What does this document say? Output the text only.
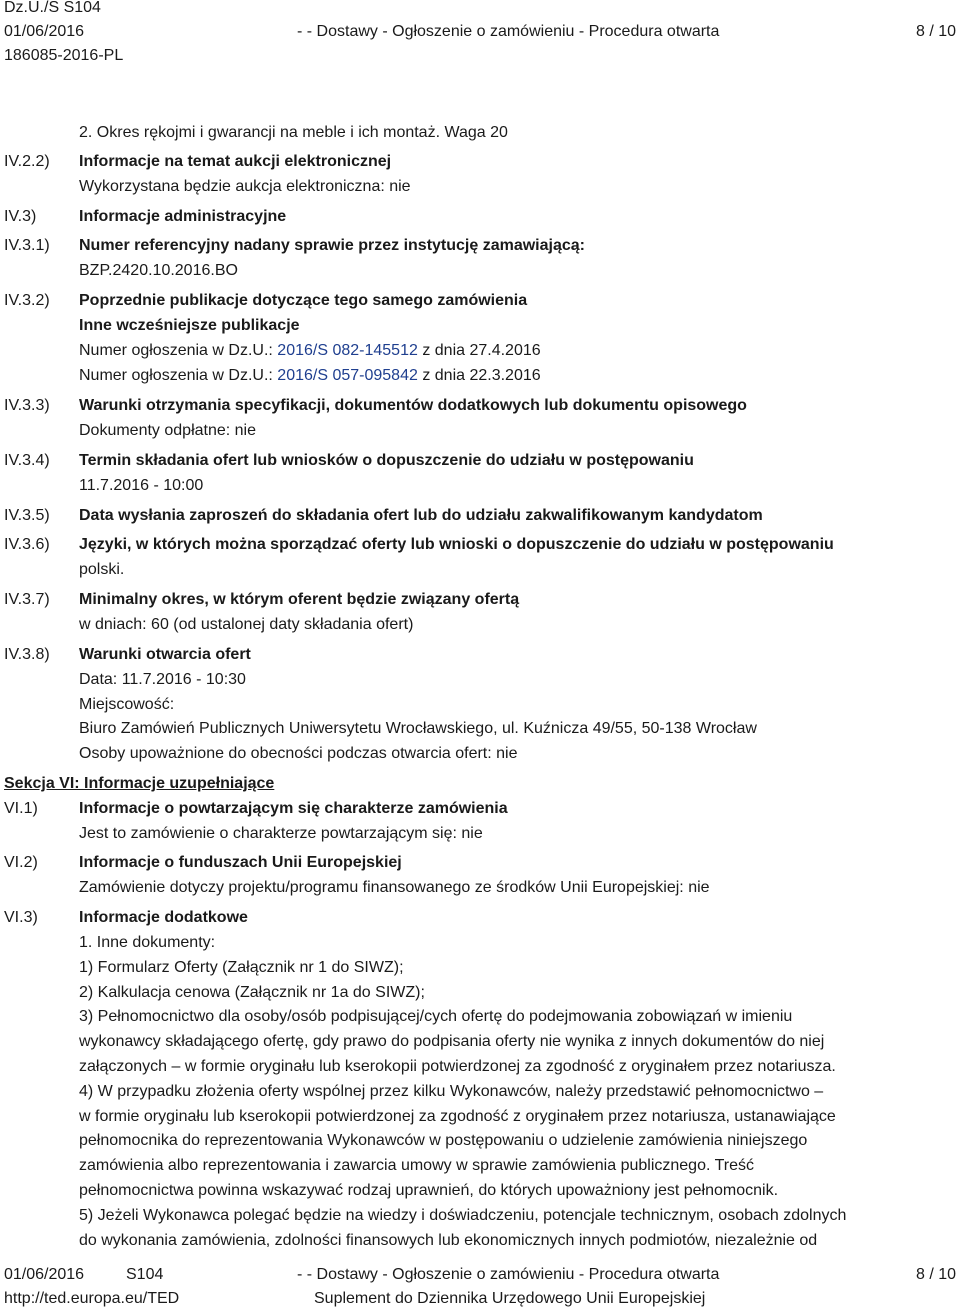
Dz.U./S S104
01/06/2016
186085-2016-PL
- - Dostawy - Ogłoszenie o zamówieniu - Procedura otwarta	8 / 10
IV.2.2)
IV.3)
IV.3.1)
IV.3.2)
IV.3.3)
IV.3.4)
IV.3.5)
IV.3.6)
IV.3.7)
IV.3.8)
VI.1)
VI.2)
VI.3)
2. Okres rękojmi i gwarancji na meble i ich montaż. Waga 20
Informacje na temat aukcji elektronicznej
Wykorzystana będzie aukcja elektroniczna: nie
Informacje administracyjne
Numer referencyjny nadany sprawie przez instytucję zamawiającą:
BZP.2420.10.2016.BO
Poprzednie publikacje dotyczące tego samego zamówienia
Inne wcześniejsze publikacje
Numer ogłoszenia w Dz.U.: 2016/S 082-145512 z dnia 27.4.2016
Numer ogłoszenia w Dz.U.: 2016/S 057-095842 z dnia 22.3.2016
Warunki otrzymania specyfikacji, dokumentów dodatkowych lub dokumentu opisowego
Dokumenty odpłatne: nie
Termin składania ofert lub wniosków o dopuszczenie do udziału w postępowaniu
11.7.2016 - 10:00
Data wysłania zaproszeń do składania ofert lub do udziału zakwalifikowanym kandydatom
Języki, w których można sporządzać oferty lub wnioski o dopuszczenie do udziału w postępowaniu
polski.
Minimalny okres, w którym oferent będzie związany ofertą
w dniach: 60 (od ustalonej daty składania ofert)
Warunki otwarcia ofert
Data: 11.7.2016 - 10:30
Miejscowość:
Biuro Zamówień Publicznych Uniwersytetu Wrocławskiego, ul. Kuźnicza 49/55, 50-138 Wrocław
Osoby upoważnione do obecności podczas otwarcia ofert: nie
Sekcja VI: Informacje uzupełniające
Informacje o powtarzającym się charakterze zamówienia
Jest to zamówienie o charakterze powtarzającym się: nie
Informacje o funduszach Unii Europejskiej
Zamówienie dotyczy projektu/programu finansowanego ze środków Unii Europejskiej: nie
Informacje dodatkowe
1. Inne dokumenty:
1) Formularz Oferty (Załącznik nr 1 do SIWZ);
2) Kalkulacja cenowa (Załącznik nr 1a do SIWZ);
3) Pełnomocnictwo dla osoby/osób podpisującej/cych ofertę do podejmowania zobowiązań w imieniu
wykonawcy składającego ofertę, gdy prawo do podpisania oferty nie wynika z innych dokumentów do niej
załączonych – w formie oryginału lub kserokopii potwierdzonej za zgodność z oryginałem przez notariusza.
4) W przypadku złożenia oferty wspólnej przez kilku Wykonawców, należy przedstawić pełnomocnictwo –
w formie oryginału lub kserokopii potwierdzonej za zgodność z oryginałem przez notariusza, ustanawiające
pełnomocnika do reprezentowania Wykonawców w postępowaniu o udzielenie zamówienia niniejszego
zamówienia albo reprezentowania i zawarcia umowy w sprawie zamówienia publicznego. Treść
pełnomocnictwa powinna wskazywać rodzaj uprawnień, do których upoważniony jest pełnomocnik.
5) Jeżeli Wykonawca polegać będzie na wiedzy i doświadczeniu, potencjale technicznym, osobach zdolnych
do wykonania zamówienia, zdolności finansowych lub ekonomicznych innych podmiotów, niezależnie od
01/06/2016	S104
http://ted.europa.eu/TED
- - Dostawy - Ogłoszenie o zamówieniu - Procedura otwarta
Suplement do Dziennika Urzędowego Unii Europejskiej
8 / 10
